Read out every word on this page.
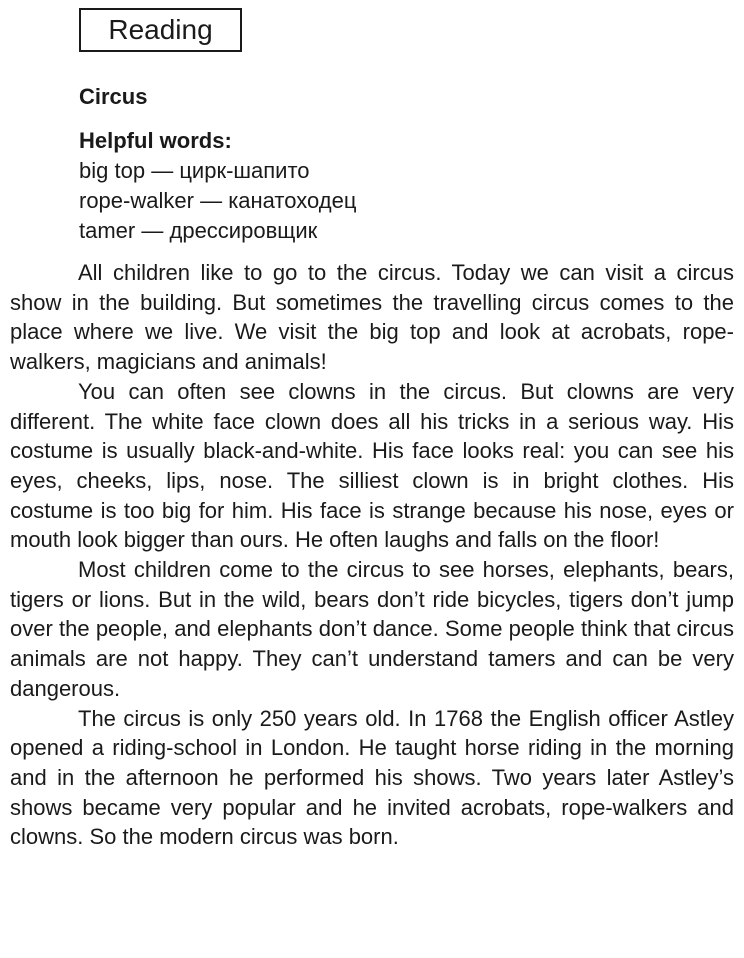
Reading
Circus
Helpful words:
big top — цирк-шапито
rope-walker — канатоходец
tamer — дрессировщик

All children like to go to the circus. Today we can visit a circus show in the building. But sometimes the travelling circus comes to the place where we live. We visit the big top and look at acrobats, rope-walkers, magicians and animals!

You can often see clowns in the circus. But clowns are very different. The white face clown does all his tricks in a serious way. His costume is usually black-and-white. His face looks real: you can see his eyes, cheeks, lips, nose. The silliest clown is in bright clothes. His costume is too big for him. His face is strange because his nose, eyes or mouth look bigger than ours. He often laughs and falls on the floor!

Most children come to the circus to see horses, elephants, bears, tigers or lions. But in the wild, bears don’t ride bicycles, tigers don’t jump over the people, and elephants don’t dance. Some people think that circus animals are not happy. They can’t understand tamers and can be very dangerous.

The circus is only 250 years old. In 1768 the English officer Astley opened a riding-school in London. He taught horse riding in the morning and in the afternoon he performed his shows. Two years later Astley’s shows became very popular and he invited acrobats, rope-walkers and clowns. So the modern circus was born.
